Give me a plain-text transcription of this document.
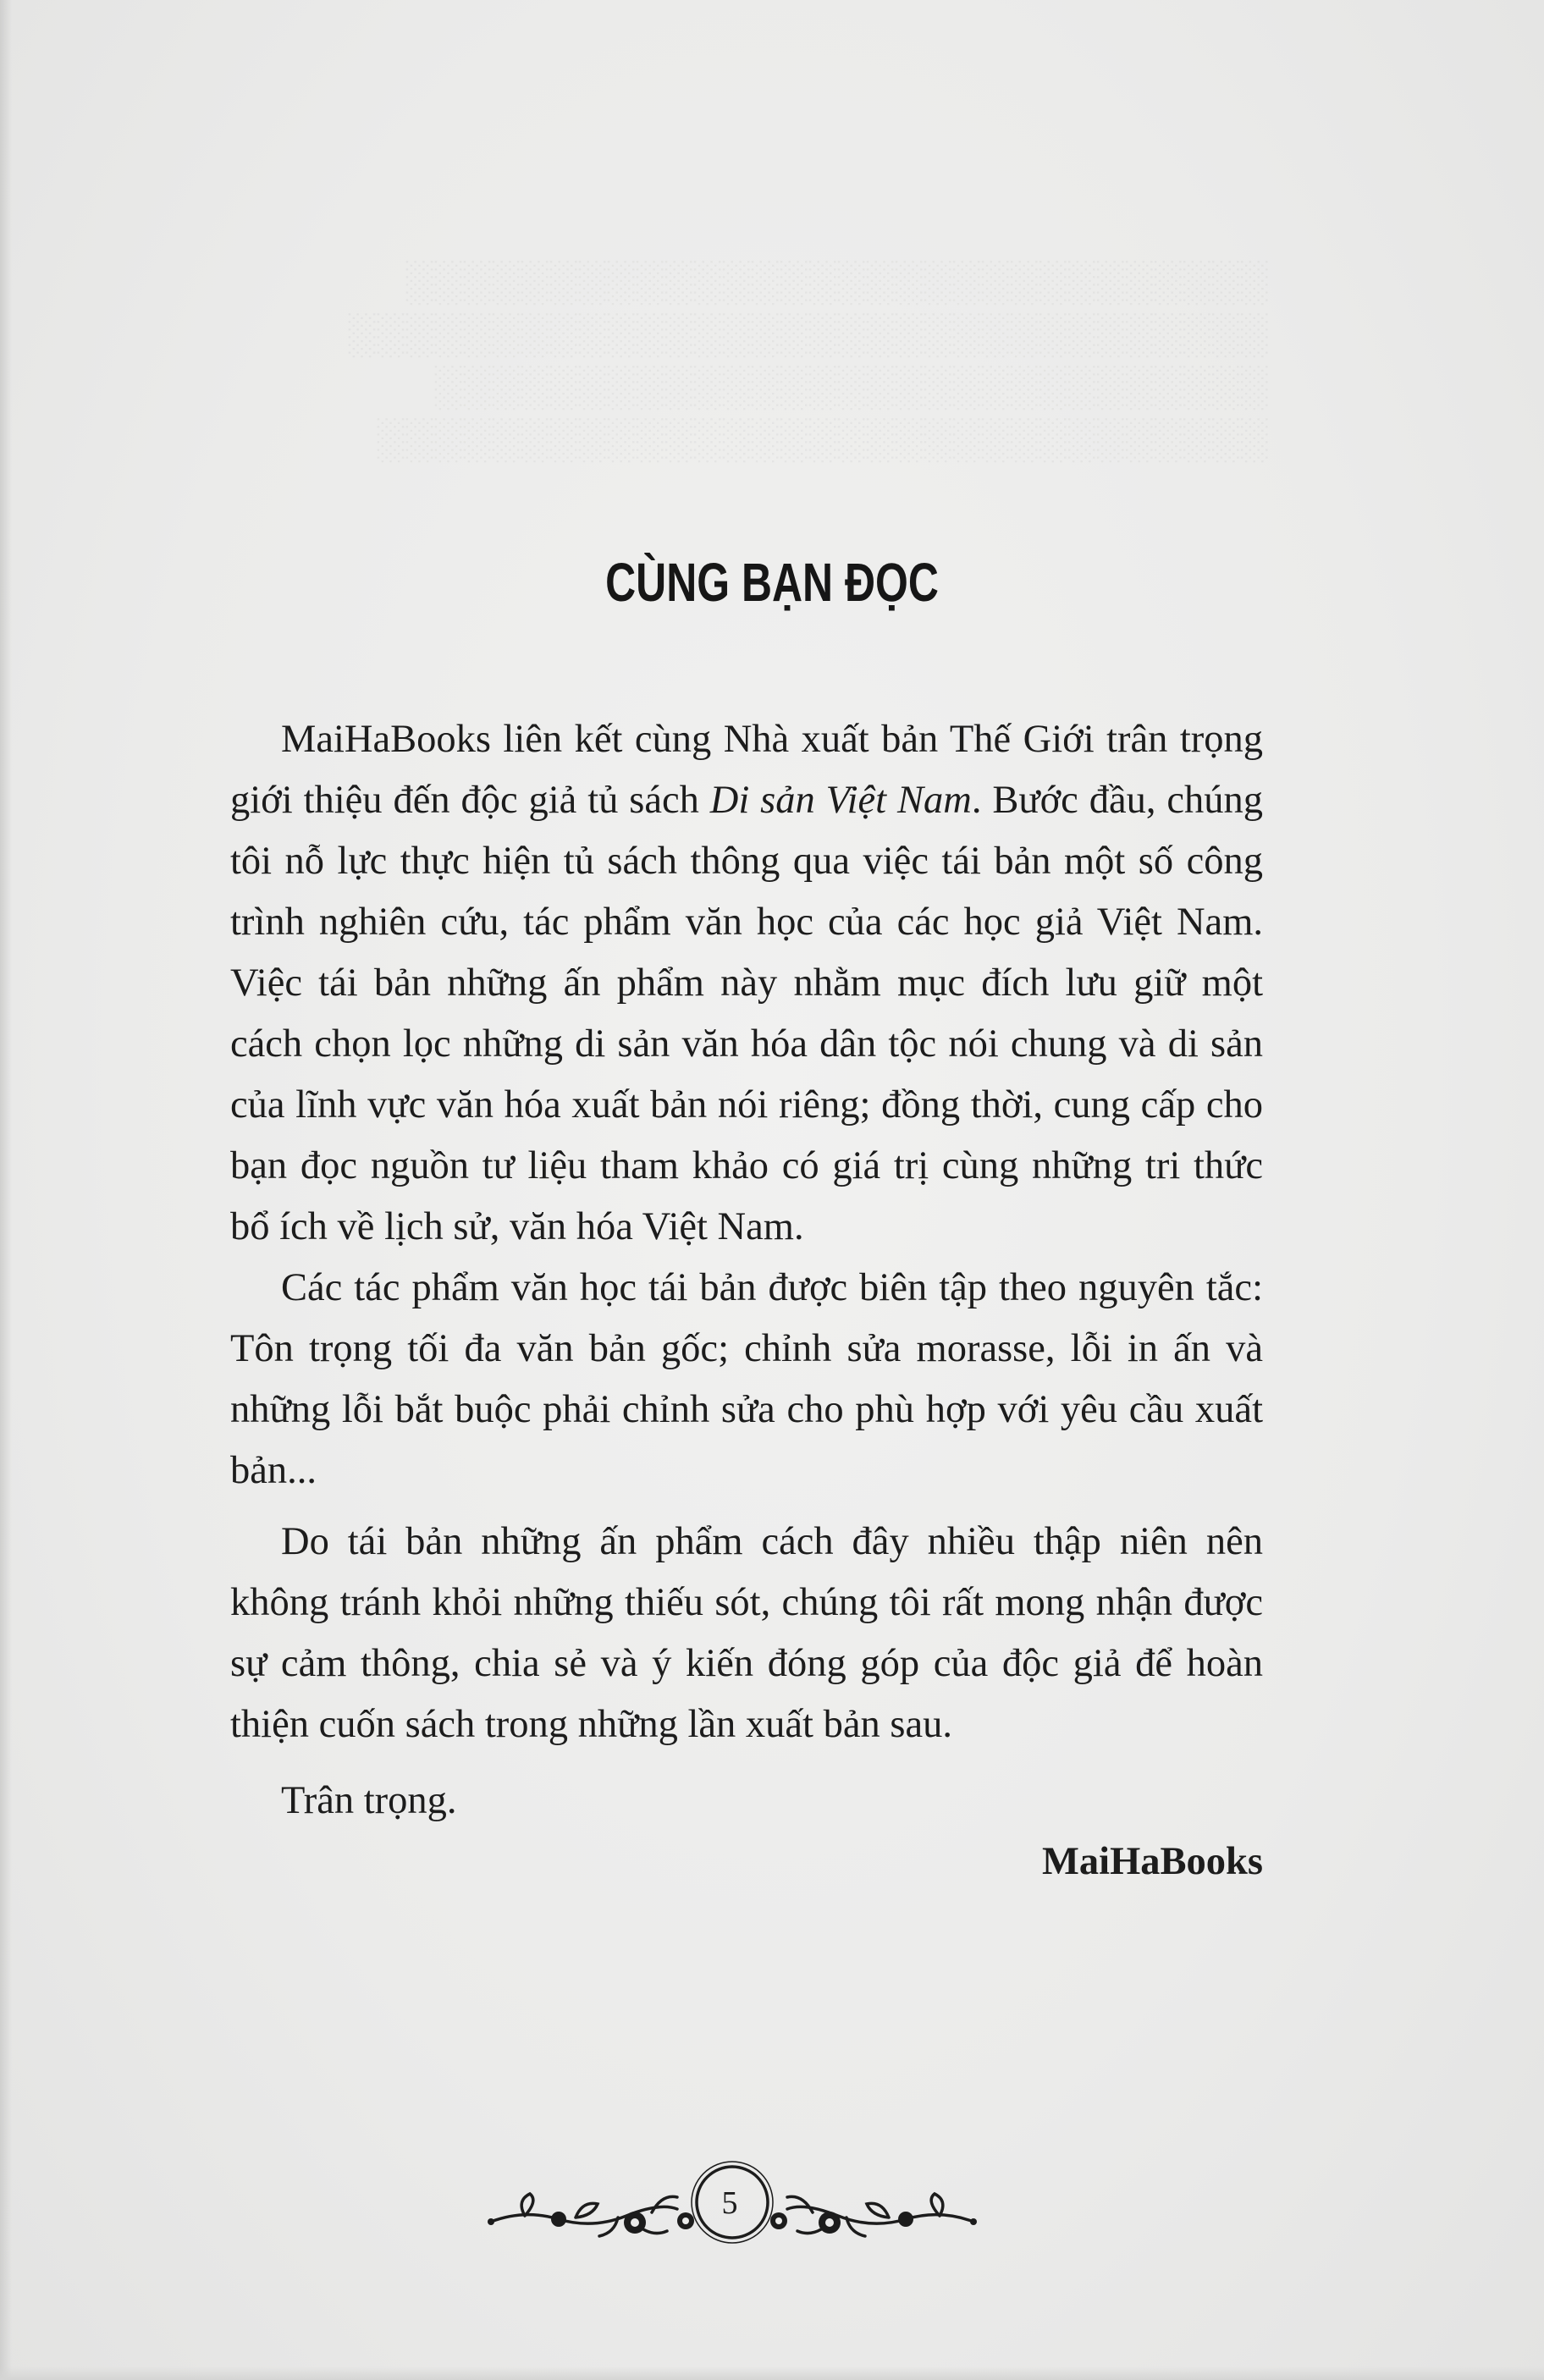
░░░░░░░░░░░░░░░░░░░░░░░░░░░░░░
░░░░░░░░░░░░░░░░░░░░░░░░░░░░░░░░
░░░░░░░░░░░░░░░░░░░░░░░░░░░░░
░░░░░░░░░░░░░░░░░░░░░░░░░░░░░░░

CÙNG BẠN ĐỌC

MaiHaBooks liên kết cùng Nhà xuất bản Thế Giới trân trọng giới thiệu đến độc giả tủ sách Di sản Việt Nam. Bước đầu, chúng tôi nỗ lực thực hiện tủ sách thông qua việc tái bản một số công trình nghiên cứu, tác phẩm văn học của các học giả Việt Nam. Việc tái bản những ấn phẩm này nhằm mục đích lưu giữ một cách chọn lọc những di sản văn hóa dân tộc nói chung và di sản của lĩnh vực văn hóa xuất bản nói riêng; đồng thời, cung cấp cho bạn đọc nguồn tư liệu tham khảo có giá trị cùng những tri thức bổ ích về lịch sử, văn hóa Việt Nam.

Các tác phẩm văn học tái bản được biên tập theo nguyên tắc: Tôn trọng tối đa văn bản gốc; chỉnh sửa morasse, lỗi in ấn và những lỗi bắt buộc phải chỉnh sửa cho phù hợp với yêu cầu xuất bản...

Do tái bản những ấn phẩm cách đây nhiều thập niên nên không tránh khỏi những thiếu sót, chúng tôi rất mong nhận được sự cảm thông, chia sẻ và ý kiến đóng góp của độc giả để hoàn thiện cuốn sách trong những lần xuất bản sau.

Trân trọng.

MaiHaBooks

5
